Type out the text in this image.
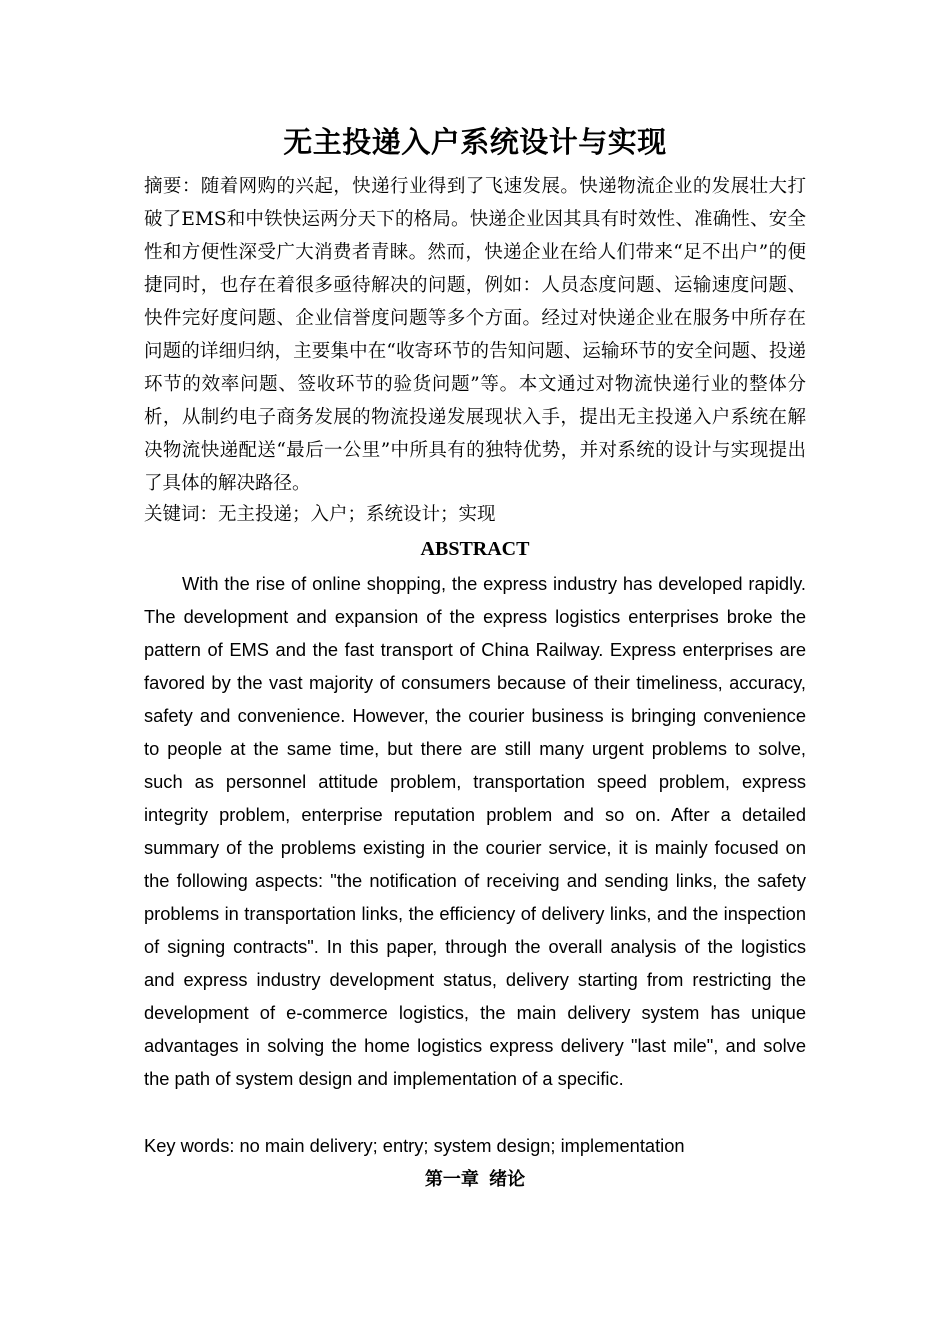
无主投递入户系统设计与实现

摘要：随着网购的兴起，快递行业得到了飞速发展。快递物流企业的发展壮大打破了EMS和中铁快运两分天下的格局。快递企业因其具有时效性、准确性、安全性和方便性深受广大消费者青睐。然而，快递企业在给人们带来“足不出户”的便捷同时，也存在着很多亟待解决的问题，例如：人员态度问题、运输速度问题、快件完好度问题、企业信誉度问题等多个方面。经过对快递企业在服务中所存在问题的详细归纳，主要集中在“收寄环节的告知问题、运输环节的安全问题、投递环节的效率问题、签收环节的验货问题”等。本文通过对物流快递行业的整体分析，从制约电子商务发展的物流投递发展现状入手，提出无主投递入户系统在解决物流快递配送“最后一公里”中所具有的独特优势，并对系统的设计与实现提出了具体的解决路径。

关键词：无主投递；入户；系统设计；实现

ABSTRACT

With the rise of online shopping, the express industry has developed rapidly. The development and expansion of the express logistics enterprises broke the pattern of EMS and the fast transport of China Railway. Express enterprises are favored by the vast majority of consumers because of their timeliness, accuracy, safety and convenience. However, the courier business is bringing convenience to people at the same time, but there are still many urgent problems to solve, such as personnel attitude problem, transportation speed problem, express integrity problem, enterprise reputation problem and so on. After a detailed summary of the problems existing in the courier service, it is mainly focused on the following aspects: "the notification of receiving and sending links, the safety problems in transportation links, the efficiency of delivery links, and the inspection of signing contracts". In this paper, through the overall analysis of the logistics and express industry development status, delivery starting from restricting the development of e-commerce logistics, the main delivery system has unique advantages in solving the home logistics express delivery "last mile", and solve the path of system design and implementation of a specific.

Key words: no main delivery; entry; system design; implementation

第一章 绪论
